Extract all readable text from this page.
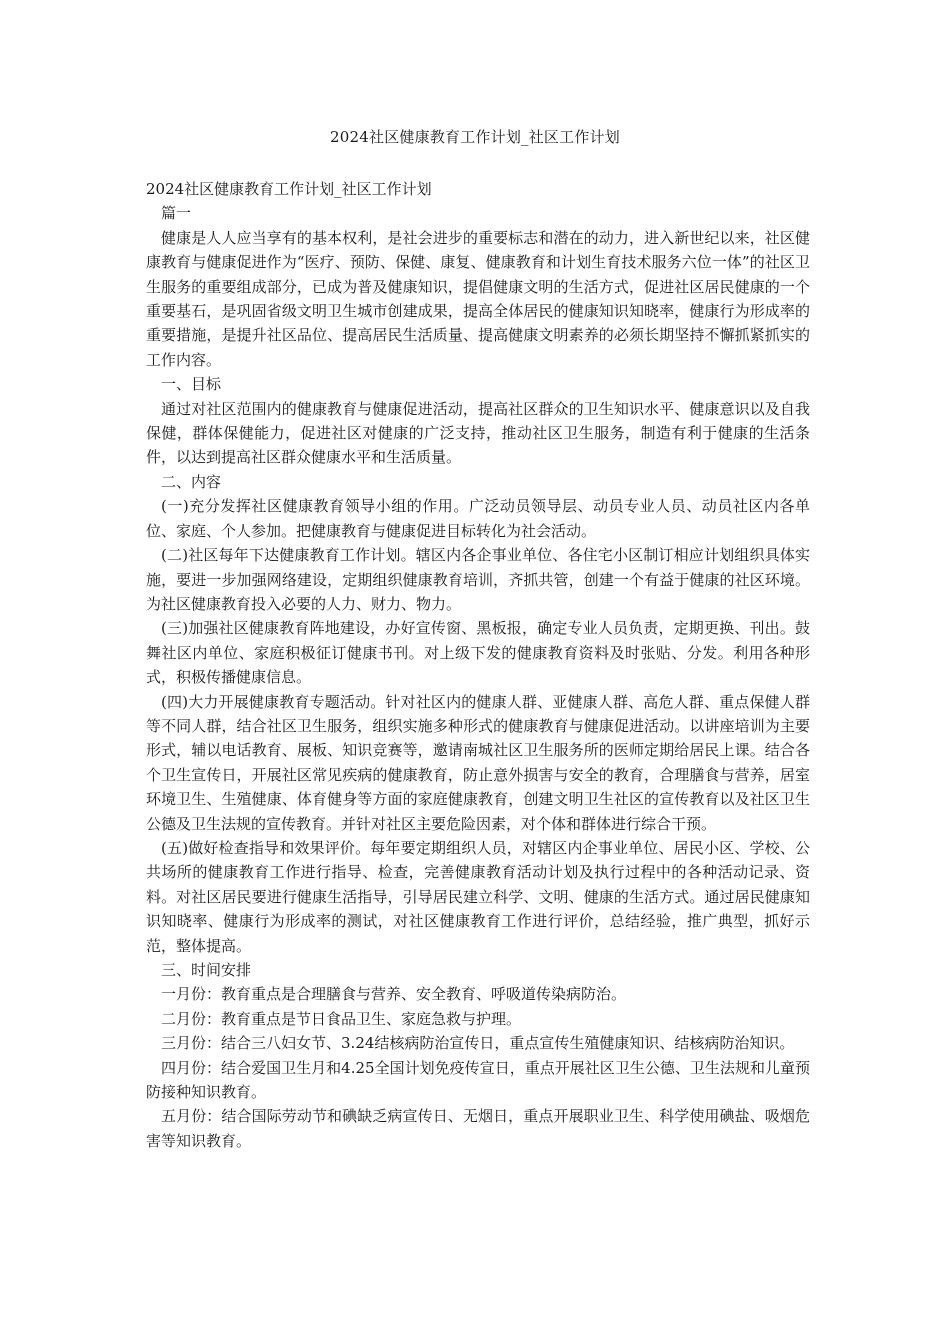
2024社区健康教育工作计划_社区工作计划

2024社区健康教育工作计划_社区工作计划

篇一

健康是人人应当享有的基本权利，是社会进步的重要标志和潜在的动力，进入新世纪以来，社区健康教育与健康促进作为“医疗、预防、保健、康复、健康教育和计划生育技术服务六位一体”的社区卫生服务的重要组成部分，已成为普及健康知识，提倡健康文明的生活方式，促进社区居民健康的一个重要基石，是巩固省级文明卫生城市创建成果，提高全体居民的健康知识知晓率，健康行为形成率的重要措施，是提升社区品位、提高居民生活质量、提高健康文明素养的必须长期坚持不懈抓紧抓实的工作内容。

一、目标

通过对社区范围内的健康教育与健康促进活动，提高社区群众的卫生知识水平、健康意识以及自我保健，群体保健能力，促进社区对健康的广泛支持，推动社区卫生服务，制造有利于健康的生活条件，以达到提高社区群众健康水平和生活质量。

二、内容

(一)充分发挥社区健康教育领导小组的作用。广泛动员领导层、动员专业人员、动员社区内各单位、家庭、个人参加。把健康教育与健康促进目标转化为社会活动。

(二)社区每年下达健康教育工作计划。辖区内各企事业单位、各住宅小区制订相应计划组织具体实施，要进一步加强网络建设，定期组织健康教育培训，齐抓共管，创建一个有益于健康的社区环境。为社区健康教育投入必要的人力、财力、物力。

(三)加强社区健康教育阵地建设，办好宣传窗、黑板报，确定专业人员负责，定期更换、刊出。鼓舞社区内单位、家庭积极征订健康书刊。对上级下发的健康教育资料及时张贴、分发。利用各种形式，积极传播健康信息。

(四)大力开展健康教育专题活动。针对社区内的健康人群、亚健康人群、高危人群、重点保健人群等不同人群，结合社区卫生服务，组织实施多种形式的健康教育与健康促进活动。以讲座培训为主要形式，辅以电话教育、展板、知识竞赛等，邀请南城社区卫生服务所的医师定期给居民上课。结合各个卫生宣传日，开展社区常见疾病的健康教育，防止意外损害与安全的教育，合理膳食与营养，居室环境卫生、生殖健康、体育健身等方面的家庭健康教育，创建文明卫生社区的宣传教育以及社区卫生公德及卫生法规的宣传教育。并针对社区主要危险因素，对个体和群体进行综合干预。

(五)做好检查指导和效果评价。每年要定期组织人员，对辖区内企事业单位、居民小区、学校、公共场所的健康教育工作进行指导、检查，完善健康教育活动计划及执行过程中的各种活动记录、资料。对社区居民要进行健康生活指导，引导居民建立科学、文明、健康的生活方式。通过居民健康知识知晓率、健康行为形成率的测试，对社区健康教育工作进行评价，总结经验，推广典型，抓好示范，整体提高。

三、时间安排

一月份：教育重点是合理膳食与营养、安全教育、呼吸道传染病防治。

二月份：教育重点是节日食品卫生、家庭急救与护理。

三月份：结合三八妇女节、3.24结核病防治宣传日，重点宣传生殖健康知识、结核病防治知识。

四月份：结合爱国卫生月和4.25全国计划免疫传宣日，重点开展社区卫生公德、卫生法规和儿童预防接种知识教育。

五月份：结合国际劳动节和碘缺乏病宣传日、无烟日，重点开展职业卫生、科学使用碘盐、吸烟危害等知识教育。
